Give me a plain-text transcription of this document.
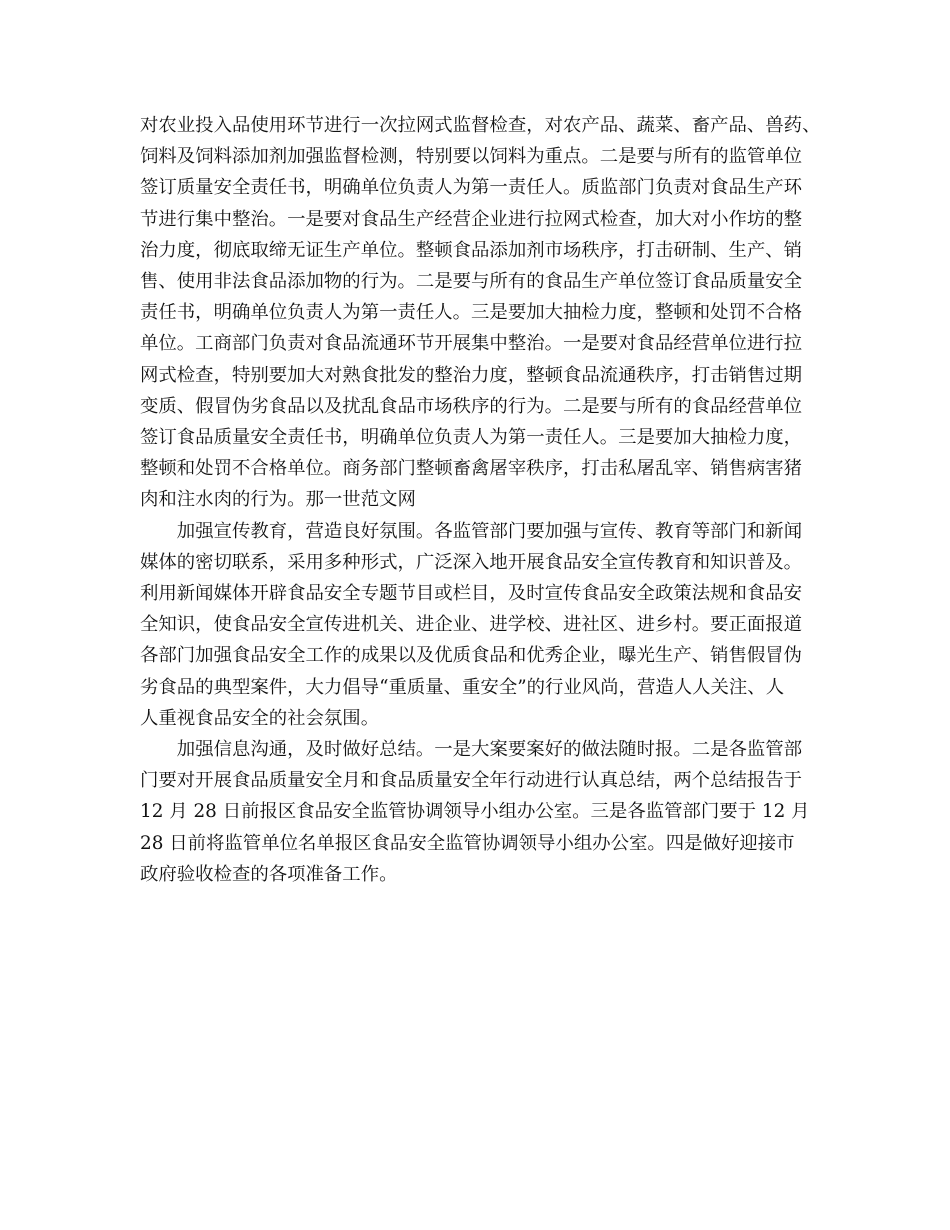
对农业投入品使用环节进行一次拉网式监督检查，对农产品、蔬菜、畜产品、兽药、
饲料及饲料添加剂加强监督检测，特别要以饲料为重点。二是要与所有的监管单位
签订质量安全责任书，明确单位负责人为第一责任人。质监部门负责对食品生产环
节进行集中整治。一是要对食品生产经营企业进行拉网式检查，加大对小作坊的整
治力度，彻底取缔无证生产单位。整顿食品添加剂市场秩序，打击研制、生产、销
售、使用非法食品添加物的行为。二是要与所有的食品生产单位签订食品质量安全
责任书，明确单位负责人为第一责任人。三是要加大抽检力度，整顿和处罚不合格
单位。工商部门负责对食品流通环节开展集中整治。一是要对食品经营单位进行拉
网式检查，特别要加大对熟食批发的整治力度，整顿食品流通秩序，打击销售过期
变质、假冒伪劣食品以及扰乱食品市场秩序的行为。二是要与所有的食品经营单位
签订食品质量安全责任书，明确单位负责人为第一责任人。三是要加大抽检力度，
整顿和处罚不合格单位。商务部门整顿畜禽屠宰秩序，打击私屠乱宰、销售病害猪
肉和注水肉的行为。那一世范文网

加强宣传教育，营造良好氛围。各监管部门要加强与宣传、教育等部门和新闻
媒体的密切联系，采用多种形式，广泛深入地开展食品安全宣传教育和知识普及。
利用新闻媒体开辟食品安全专题节目或栏目，及时宣传食品安全政策法规和食品安
全知识，使食品安全宣传进机关、进企业、进学校、进社区、进乡村。要正面报道
各部门加强食品安全工作的成果以及优质食品和优秀企业，曝光生产、销售假冒伪
劣食品的典型案件，大力倡导“重质量、重安全”的行业风尚，营造人人关注、人
人重视食品安全的社会氛围。

加强信息沟通，及时做好总结。一是大案要案好的做法随时报。二是各监管部
门要对开展食品质量安全月和食品质量安全年行动进行认真总结，两个总结报告于
12 月 28 日前报区食品安全监管协调领导小组办公室。三是各监管部门要于 12 月
28 日前将监管单位名单报区食品安全监管协调领导小组办公室。四是做好迎接市
政府验收检查的各项准备工作。
